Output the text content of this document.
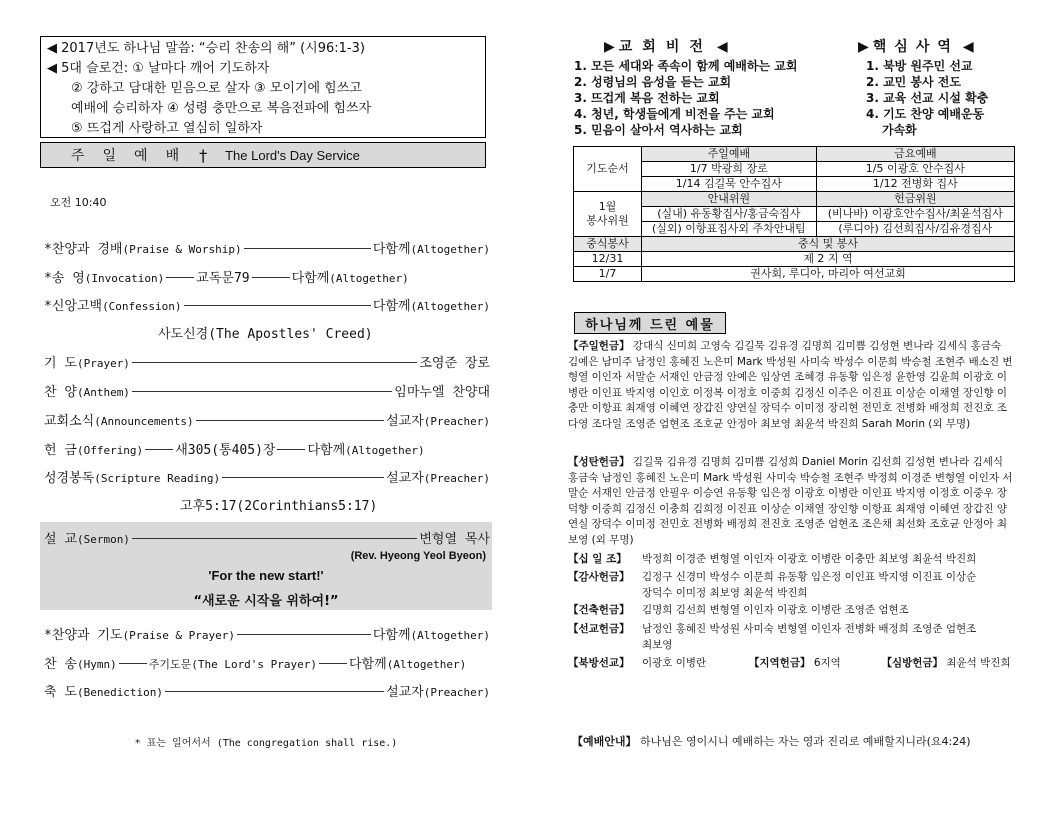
◀ 2017년도 하나님 말씀: “승리 찬송의 해” (시96:1-3)
◀ 5대 슬로건: ① 날마다 깨어 기도하자
② 강하고 담대한 믿음으로 살자 ③ 모이기에 힘쓰고
예배에 승리하자 ④ 성령 충만으로 복음전파에 힘쓰자
⑤ 뜨겁게 사랑하고 열심히 일하자
주일예배 † The Lord's Day Service
오전 10:40
*찬양과 경배 (Praise & Worship)	다함께 (Altogether)
*송 영 (Invocation) 교독문79	다함께 (Altogether)
*신앙고백 (Confession)	다함께 (Altogether)
사도신경(The Apostles' Creed)
기 도 (Prayer)	조영준 장로
찬 양 (Anthem)	임마누엘 찬양대
교회소식 (Announcements)	설교자 (Preacher)
헌 금 (Offering) 새305(통405)장 다함께 (Altogether)
성경봉독 (Scripture Reading)	설교자 (Preacher)
고후5:17(2Corinthians5:17)
설 교 (Sermon)	변형열 목사
(Rev. Hyeong Yeol Byeon)
'For the new start!'
“새로운 시작을 위하여!”
*찬양과 기도 (Praise & Prayer)	다함께 (Altogether)
찬 송 (Hymn)	주기도문(The Lord's Prayer) 다함께 (Altogether)
축 도 (Benediction)	설교자 (Preacher)
* 표는 일어서서 (The congregation shall rise.)
▶ 교회비전 ◀	▶ 핵심사역 ◀
1. 모든 세대와 족속이 함께 예배하는 교회
2. 성령님의 음성을 듣는 교회
3. 뜨겁게 복음 전하는 교회
4. 청년, 학생들에게 비전을 주는 교회
5. 믿음이 살아서 역사하는 교회
1. 북방 원주민 선교
2. 교민 봉사 전도
3. 교육 선교 시설 확충
4. 기도 찬양 예배운동
가속화
기도순서	주일예배	금요예배
	1/7 박광희 장로	1/5 이광호 안수집사
	1/14 김길묵 안수집사	1/12 전병화 집사
1월
봉사위원	안내위원	헌금위원
	(실내) 유동황집사/홍금숙집사	(비나바) 이광호안수집사/최윤석집사
	(실외) 이항표집사외 주차안내팀	(루디아) 김선희집사/김유경집사
중식봉사	중식 및 봉사	
12/31	제 2 지 역	
1/7	권사회, 루디아, 마리아 여선교회	
하나님께 드린 예물
【주일헌금】 강대식 신미희 고영숙 김길묵 김유경 김명희 김미쁨 김성현 변나라 김세식 홍금숙 김예은 남미주 남정인 홍혜진 노은미 Mark 박성원 사미숙 박성수 이문희 박승철 조현주 배소진 변형열 이인자 서말순 서재인 안금정 안예은 임상연 조혜경 유동황 임은정 윤한영 김윤희 이광호 이병란 이인표 박지영 이인호 이정복 이정호 이중희 김정신 이주은 이진표 이상순 이채열 장인향 이충만 이항표 최재영 이혜연 장갑진 양연실 장덕수 이미정 장리현 전민호 전병화 배정희 전진호 조다영 조다일 조영준 엄현조 조호균 안정아 최보영 최윤석 박진희 Sarah Morin (외 무명)
【성탄헌금】 김길묵 김유경 김명희 김미쁨 김성희 Daniel Morin 김선희 김성현 변나라 김세식 홍금숙 남정인 홍혜진 노은미 Mark 박성원 사미숙 박승철 조현주 박정희 이경준 변형열 이인자 서말순 서재인 안금정 안필우 이승연 유동황 임은정 이광호 이병란 이인표 박지영 이정호 이중우 장덕향 이중희 김정신 이충희 김희정 이진표 이상순 이채열 장인향 이항표 최재영 이혜연 장갑진 양연실 장덕수 이미정 전민호 전병화 배정희 전진호 조영준 엄현조 조은채 최선화 조호균 안정아 최보영 (외 무명)
【십 일 조】 박정희 이경준 변형열 이인자 이광호 이병란 이충만 최보영 최윤석 박진희
【감사헌금】 김정구 신경미 박성수 이문희 유동황 임은정 이인표 박지영 이진표 이상순
장덕수 이미정 최보영 최윤석 박진희
【건축헌금】 김명희 김선희 변형열 이인자 이광호 이병란 조영준 엄현조
【선교헌금】 남정인 홍혜진 박성원 사미숙 변형열 이인자 전병화 배정희 조영준 엄현조
최보영
【북방선교】 이광호 이병란	【지역헌금】 6지역	【심방헌금】 최윤석 박진희
【예배안내】 하나님은 영이시니 예배하는 자는 영과 진리로 예배할지니라(요4:24)
